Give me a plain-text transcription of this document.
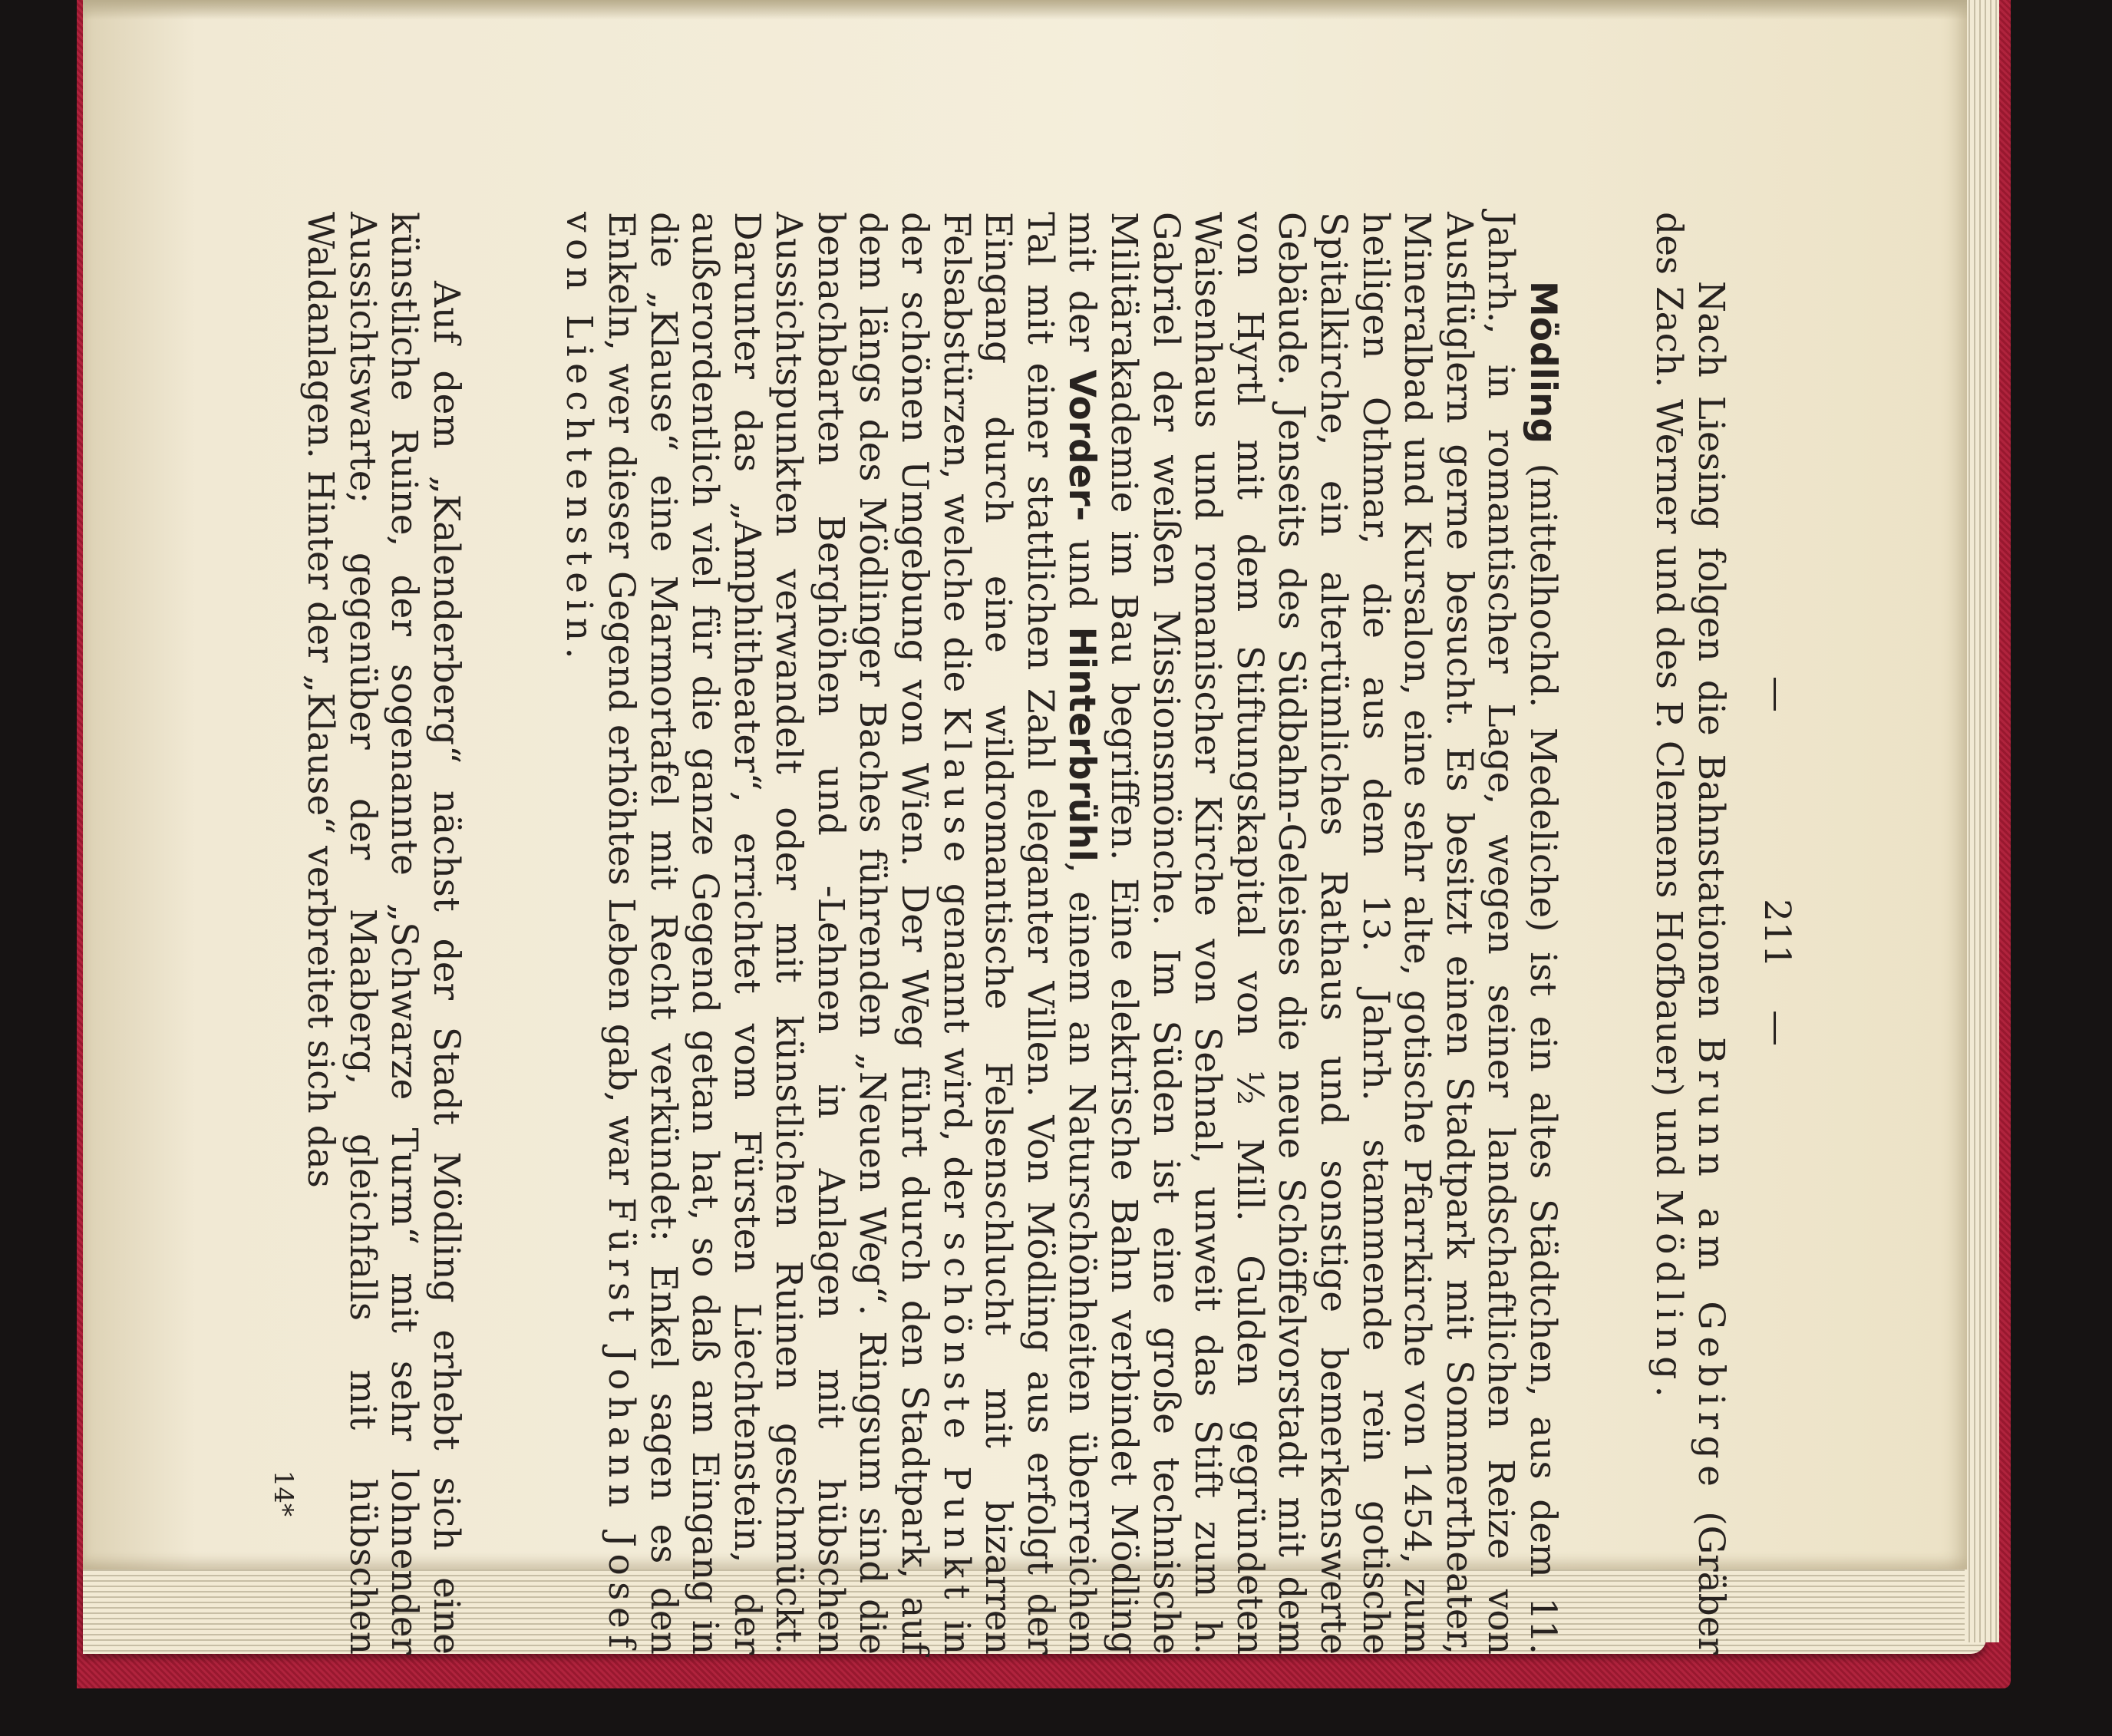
—
211
—

Nach Liesing folgen die Bahnstationen Brunn am Gebirge (Gräber des Zach. Werner und des P. Clemens Hofbauer) und Mödling.

Mödling (mittelhochd. Medeliche) ist ein altes Städtchen, aus dem 11. Jahrh., in romantischer Lage, wegen seiner landschaftlichen Reize von Ausflüglern gerne besucht. Es besitzt einen Stadtpark mit Sommertheater, Mineralbad und Kursalon, eine sehr alte, gotische Pfarrkirche von 1454, zum heiligen Othmar, die aus dem 13. Jahrh. stammende rein gotische Spitalkirche, ein altertümliches Rathaus und sonstige bemerkenswerte Gebäude. Jenseits des Südbahn-Geleises die neue Schöffelvorstadt mit dem von Hyrtl mit dem Stiftungskapital von ½ Mill. Gulden gegründeten Waisenhaus und romanischer Kirche von Sehnal, unweit das Stift zum h. Gabriel der weißen Missionsmönche. Im Süden ist eine große technische Militärakademie im Bau begriffen. Eine elektrische Bahn verbindet Mödling mit der Vorder- und Hinterbrühl, einem an Naturschönheiten überreichen Tal mit einer stattlichen Zahl eleganter Villen. Von Mödling aus erfolgt der Eingang durch eine wildromantische Felsenschlucht mit bizarren Felsabstürzen, welche die Klause genannt wird, der schönste Punkt in der schönen Umgebung von Wien. Der Weg führt durch den Stadtpark, auf dem längs des Mödlinger Baches führenden „Neuen Weg“. Ringsum sind die benachbarten Berghöhen und -Lehnen in Anlagen mit hübschen Aussichtspunkten verwandelt oder mit künstlichen Ruinen geschmückt. Darunter das „Amphitheater“, errichtet vom Fürsten Liechtenstein, der außerordentlich viel für die ganze Gegend getan hat, so daß am Eingang in die „Klause“ eine Marmortafel mit Recht verkündet: Enkel sagen es den Enkeln, wer dieser Gegend erhöhtes Leben gab, war Fürst Johann Josef von Liechtenstein.

Auf dem „Kalenderberg“ nächst der Stadt Mödling erhebt sich eine künstliche Ruine, der sogenannte „Schwarze Turm“ mit sehr lohnender Aussichtswarte; gegenüber der Maaberg, gleichfalls mit hübschen Waldanlagen. Hinter der „Klause“ verbreitet sich das

14*
